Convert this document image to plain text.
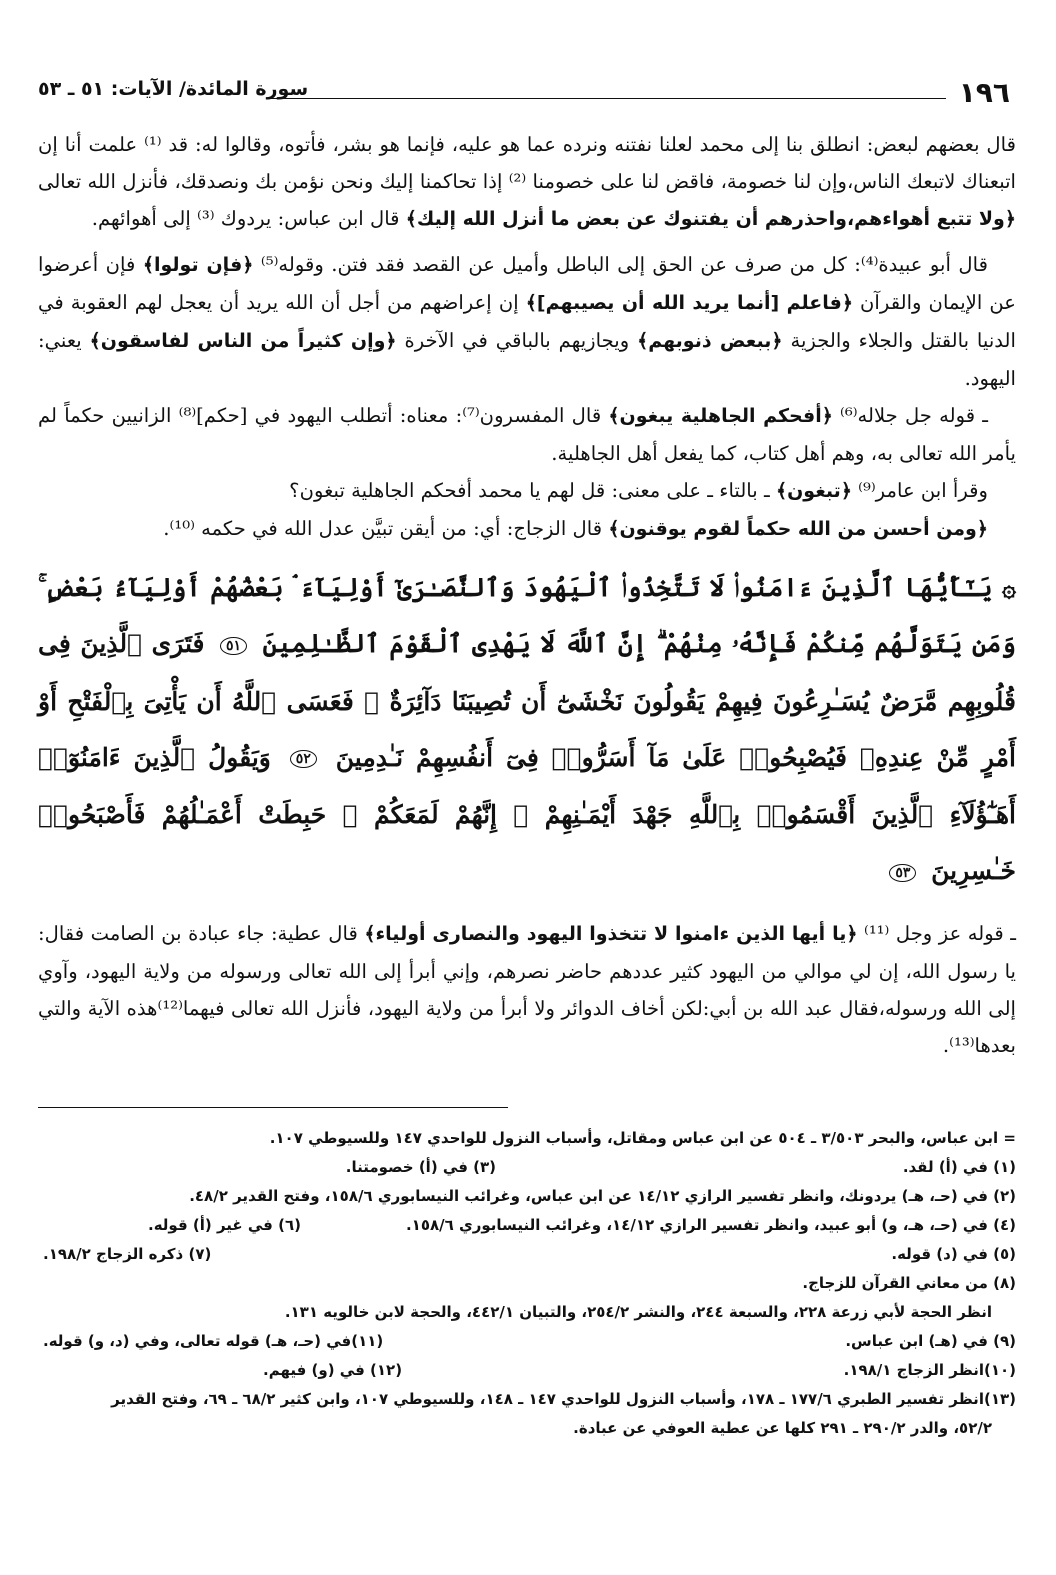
١٩٦
سورة المائدة/ الآيات: ٥١ ـ ٥٣

قال بعضهم لبعض: انطلق بنا إلى محمد لعلنا نفتنه ونرده عما هو عليه، فإنما هو بشر، فأتوه، وقالوا له: قد ⁽¹⁾ علمت أنا إن اتبعناك لاتبعك الناس،وإن لنا خصومة، فاقض لنا على خصومنا ⁽²⁾ إذا تحاكمنا إليك ونحن نؤمن بك ونصدقك، فأنزل الله تعالى ﴿ولا تتبع أهواءهم،واحذرهم أن يفتنوك عن بعض ما أنزل الله إليك﴾ قال ابن عباس: يردوك ⁽³⁾ إلى أهوائهم.

قال أبو عبيدة⁽⁴⁾: كل من صرف عن الحق إلى الباطل وأميل عن القصد فقد فتن. وقوله⁽⁵⁾ ﴿فإن تولوا﴾ فإن أعرضوا عن الإيمان والقرآن ﴿فاعلم [أنما يريد الله أن يصيبهم]﴾ إن إعراضهم من أجل أن الله يريد أن يعجل لهم العقوبة في الدنيا بالقتل والجلاء والجزية ﴿ببعض ذنوبهم﴾ ويجازيهم بالباقي في الآخرة ﴿وإن كثيراً من الناس لفاسقون﴾ يعني: اليهود.

ـ قوله جل جلاله⁽⁶⁾ ﴿أفحكم الجاهلية يبغون﴾ قال المفسرون⁽⁷⁾: معناه: أتطلب اليهود في [حكم]⁽⁸⁾ الزانيين حكماً لم يأمر الله تعالى به، وهم أهل كتاب، كما يفعل أهل الجاهلية.

وقرأ ابن عامر⁽⁹⁾ ﴿تبغون﴾ ـ بالتاء ـ على معنى: قل لهم يا محمد أفحكم الجاهلية تبغون؟

﴿ومن أحسن من الله حكماً لقوم يوقنون﴾ قال الزجاج: أي: من أيقن تبيَّن عدل الله في حكمه ⁽¹⁰⁾.

۞ يَـٰٓأَيُّهَا ٱلَّذِينَ ءَامَنُوا۟ لَا تَتَّخِذُوا۟ ٱلْيَهُودَ وَٱلنَّصَـٰرَىٰٓ أَوْلِيَآءَ ۘ بَعْضُهُمْ أَوْلِيَآءُ بَعْضٍ ۚ وَمَن يَتَوَلَّهُم مِّنكُمْ فَإِنَّهُۥ مِنْهُمْ ۗ إِنَّ ٱللَّهَ لَا يَهْدِى ٱلْقَوْمَ ٱلظَّـٰلِمِينَ ٥١ فَتَرَى ٱلَّذِينَ فِى قُلُوبِهِم مَّرَضٌ يُسَـٰرِعُونَ فِيهِمْ يَقُولُونَ نَخْشَىٰٓ أَن تُصِيبَنَا دَآئِرَةٌ ۚ فَعَسَى ٱللَّهُ أَن يَأْتِىَ بِٱلْفَتْحِ أَوْ أَمْرٍ مِّنْ عِندِهِۦ فَيُصْبِحُوا۟ عَلَىٰ مَآ أَسَرُّوا۟ فِىٓ أَنفُسِهِمْ نَـٰدِمِينَ ٥٢ وَيَقُولُ ٱلَّذِينَ ءَامَنُوٓا۟ أَهَـٰٓؤُلَآءِ ٱلَّذِينَ أَقْسَمُوا۟ بِٱللَّهِ جَهْدَ أَيْمَـٰنِهِمْ ۙ إِنَّهُمْ لَمَعَكُمْ ۚ حَبِطَتْ أَعْمَـٰلُهُمْ فَأَصْبَحُوا۟ خَـٰسِرِينَ ٥٣

ـ قوله عز وجل ⁽¹¹⁾ ﴿يا أيها الذين ءامنوا لا تتخذوا اليهود والنصارى أولياء﴾ قال عطية: جاء عبادة بن الصامت فقال: يا رسول الله، إن لي موالي من اليهود كثير عددهم حاضر نصرهم، وإني أبرأ إلى الله تعالى ورسوله من ولاية اليهود، وآوي إلى الله ورسوله،فقال عبد الله بن أبي:لكن أخاف الدوائر ولا أبرأ من ولاية اليهود، فأنزل الله تعالى فيهما⁽¹²⁾هذه الآية والتي بعدها⁽¹³⁾.

= ابن عباس، والبحر ٣/٥٠٣ ـ ٥٠٤ عن ابن عباس ومقاتل، وأسباب النزول للواحدي ١٤٧ وللسيوطي ١٠٧.
(١) في (أ) لقد.
(٣) في (أ) خصومتنا.
(٢) في (حـ، هـ) يردونك، وانظر تفسير الرازي ١٤/١٢ عن ابن عباس، وغرائب النيسابوري ١٥٨/٦، وفتح القدير ٤٨/٢.
(٤) في (حـ، هـ، و) أبو عبيد، وانظر تفسير الرازي ١٤/١٢، وغرائب النيسابوري ١٥٨/٦.
(٦) في غير (أ) قوله.
(٥) في (د) قوله.
(٧) ذكره الزجاج ١٩٨/٢.
(٨) من معاني القرآن للزجاج.
انظر الحجة لأبي زرعة ٢٢٨، والسبعة ٢٤٤، والنشر ٢٥٤/٢، والتبيان ٤٤٢/١، والحجة لابن خالويه ١٣١.
(٩) في (هـ) ابن عباس.
(١١)في (حـ، هـ) قوله تعالى، وفي (د، و) قوله.
(١٠)انظر الزجاج ١٩٨/١.
(١٢) في (و) فيهم.
(١٣)انظر تفسير الطبري ١٧٧/٦ ـ ١٧٨، وأسباب النزول للواحدي ١٤٧ ـ ١٤٨، وللسيوطي ١٠٧، وابن كثير ٦٨/٢ ـ ٦٩، وفتح القدير
٥٢/٢، والدر ٢٩٠/٢ ـ ٢٩١ كلها عن عطية العوفي عن عبادة.
